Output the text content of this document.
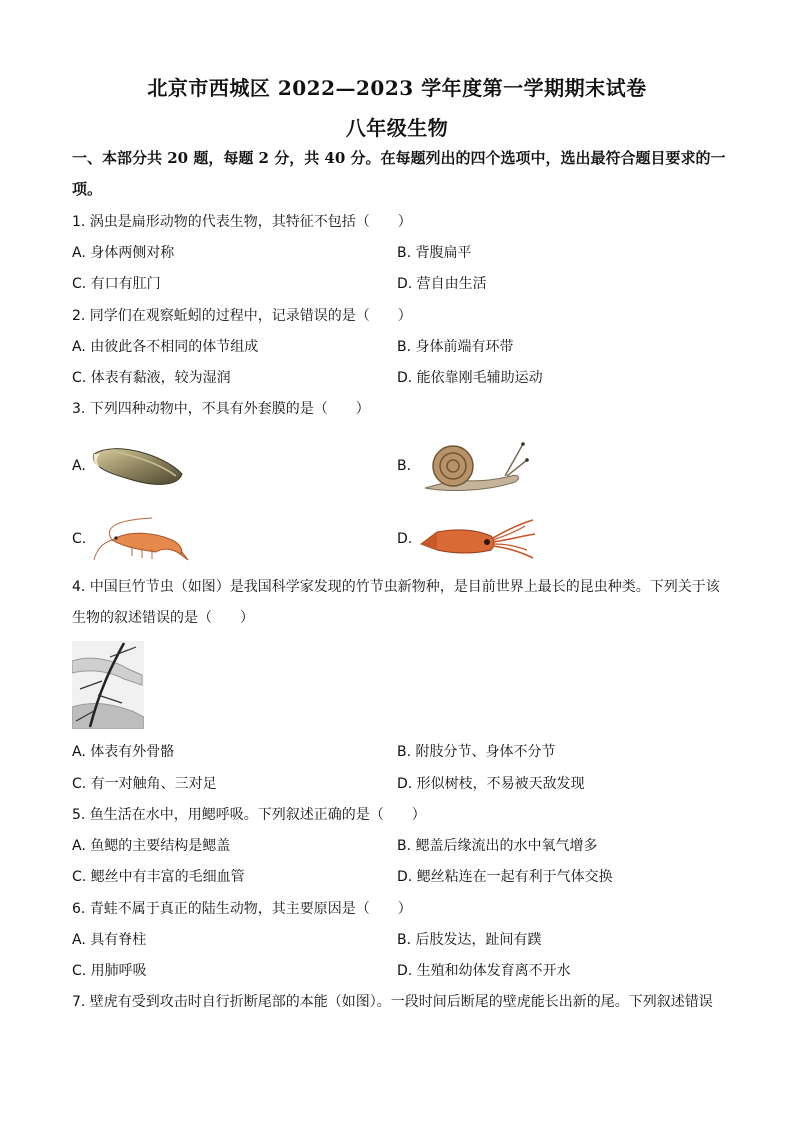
北京市西城区 2022—2023 学年度第一学期期末试卷
八年级生物
一、本部分共 20 题，每题 2 分，共 40 分。在每题列出的四个选项中，选出最符合题目要求的一项。
1. 涡虫是扁形动物的代表生物，其特征不包括（　　）
A. 身体两侧对称	B. 背腹扁平
C. 有口有肛门	D. 营自由生活
2. 同学们在观察蚯蚓的过程中，记录错误的是（　　）
A. 由彼此各不相同的体节组成	B. 身体前端有环带
C. 体表有黏液，较为湿润	D. 能依靠刚毛辅助运动
3. 下列四种动物中，不具有外套膜的是（　　）
A.	B.
C.	D.
4. 中国巨竹节虫（如图）是我国科学家发现的竹节虫新物种，是目前世界上最长的昆虫种类。下列关于该生物的叙述错误的是（　　）
A. 体表有外骨骼	B. 附肢分节、身体不分节
C. 有一对触角、三对足	D. 形似树枝，不易被天敌发现
5. 鱼生活在水中，用鳃呼吸。下列叙述正确的是（　　）
A. 鱼鳃的主要结构是鳃盖	B. 鳃盖后缘流出的水中氧气增多
C. 鳃丝中有丰富的毛细血管	D. 鳃丝粘连在一起有利于气体交换
6. 青蛙不属于真正的陆生动物，其主要原因是（　　）
A. 具有脊柱	B. 后肢发达，趾间有蹼
C. 用肺呼吸	D. 生殖和幼体发育离不开水
7. 壁虎有受到攻击时自行折断尾部的本能（如图）。一段时间后断尾的壁虎能长出新的尾。下列叙述错误
